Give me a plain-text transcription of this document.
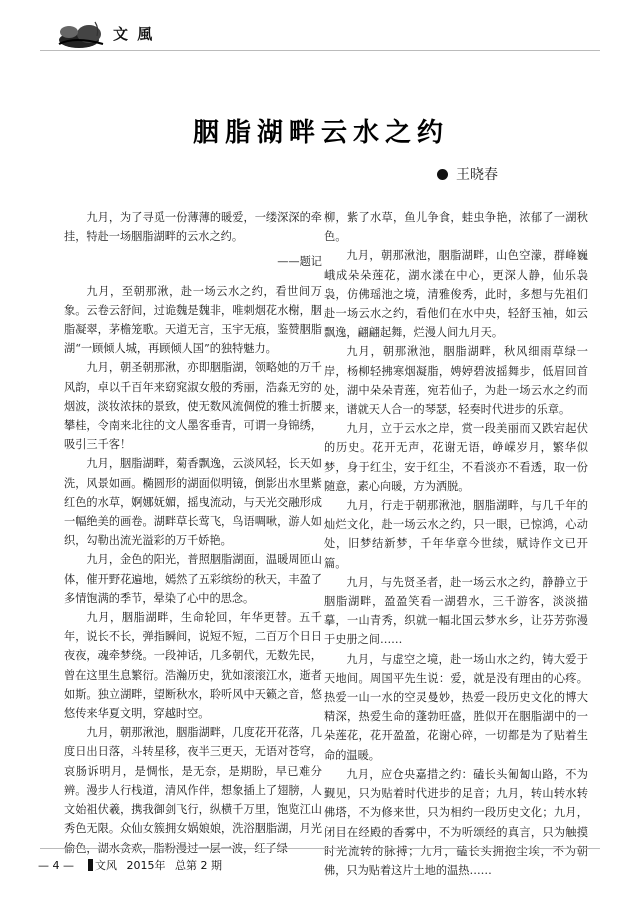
文 風
胭脂湖畔云水之约
王晓春

九月，为了寻觅一份薄薄的暖爱，一缕深深的牵挂，特赴一场胭脂湖畔的云水之约。

——题记

九月，至朝那湫，赴一场云水之约，看世间万象。云卷云舒间，过诡魏是魏非，唯刺烟花水榭，胭脂凝翠，茅檐笼歌。天道无言，玉宇无痕，鉴赞胭脂湖“一顾倾人城，再顾倾人国”的独特魅力。

九月，朝圣朝那湫，亦即胭脂湖，领略她的万千风韵，卓以千百年来窈窕淑女般的秀丽，浩淼无穷的烟波，淡妆浓抹的景致，使无数风流倜傥的雅士折腰攀桂，令南来北往的文人墨客垂青，可谓一身锦绣，吸引三千客！

九月，胭脂湖畔，菊香飘逸，云淡风轻，长天如洗，风景如画。椭圆形的湖面似明镜，倒影出水里紫红色的水草，婀娜妩媚，摇曳流动，与天光交融形成一幅绝美的画卷。湖畔草长莺飞，鸟语啁啾，游人如织，勾勒出流光溢彩的万千娇艳。

九月，金色的阳光，普照胭脂湖面，温暖周匝山体，催开野花遍地，嫣然了五彩缤纷的秋天，丰盈了多情饱满的季节，晕染了心中的思念。

九月，胭脂湖畔，生命轮回，年华更替。五千年，说长不长，弹指瞬间，说短不短，二百万个日日夜夜，魂牵梦绕。一段神话，几多朝代，无数先民，曾在这里生息繁衍。浩瀚历史，犹如滚滚江水，逝者如斯。独立湖畔，望断秋水，聆听风中天籁之音，悠悠传来华夏文明，穿越时空。

九月，朝那湫池，胭脂湖畔，几度花开花落，几度日出日落，斗转星移，夜半三更天，无语对苍穹，哀肠诉明月，是惆怅，是无奈，是期盼，早已难分辨。漫步人行栈道，清风作伴，想象插上了翅膀，人文始祖伏羲，携我御剑飞行，纵横千万里，饱览江山秀色无限。众仙女簇拥女娲娘娘，洗浴胭脂湖，月光偷色，湖水贪欢，脂粉漫过一层一波，红了绿

柳，紫了水草，鱼儿争食，蛙虫争艳，浓郁了一湖秋色。

九月，朝那湫池，胭脂湖畔，山色空濛，群峰巍峨成朵朵莲花，湖水漾在中心，更深人静，仙乐袅袅，仿佛瑶池之境，清雅俊秀，此时，多想与先祖们赴一场云水之约，看他们在水中央，轻舒玉袖，如云飘逸，翩翩起舞，烂漫人间九月天。

九月，朝那湫池，胭脂湖畔，秋风细雨草绿一岸，杨柳轻拂寒烟凝脂，娉婷碧波摇舞步，低眉回首处，湖中朵朵青莲，宛若仙子，为赴一场云水之约而来，谱就天人合一的琴瑟，轻奏时代进步的乐章。

九月，立于云水之岸，赏一段美丽而又跌宕起伏的历史。花开无声，花谢无语，峥嵘岁月，繁华似梦，身于红尘，安于红尘，不看淡亦不看透，取一份随意，素心向暖，方为洒脱。

九月，行走于朝那湫池，胭脂湖畔，与几千年的灿烂文化，赴一场云水之约，只一眼，已惊鸿，心动处，旧梦结新梦，千年华章今世续，赋诗作文已开篇。

九月，与先贤圣者，赴一场云水之约，静静立于胭脂湖畔，盈盈笑看一湖碧水，三千游客，淡淡描摹，一山青秀，织就一幅北国云梦水乡，让芬芳弥漫于史册之间……

九月，与虚空之境，赴一场山水之约，铸大爱于天地间。周国平先生说：爱，就是没有理由的心疼。热爱一山一水的空灵曼妙，热爱一段历史文化的博大精深，热爱生命的蓬勃旺盛，胜似开在胭脂湖中的一朵莲花，花开盈盈，花谢心碎，一切都是为了贴着生命的温暖。

九月，应仓央嘉措之约：磕长头匍匐山路，不为觐见，只为贴着时代进步的足音；九月，转山转水转佛塔，不为修来世，只为相约一段历史文化；九月，闭目在经殿的香雾中，不为听颂经的真言，只为触摸时光流转的脉搏；九月，磕长头拥抱尘埃，不为朝佛，只为贴着这片土地的温热……

— 4 — 文风 2015年 总第 2 期
